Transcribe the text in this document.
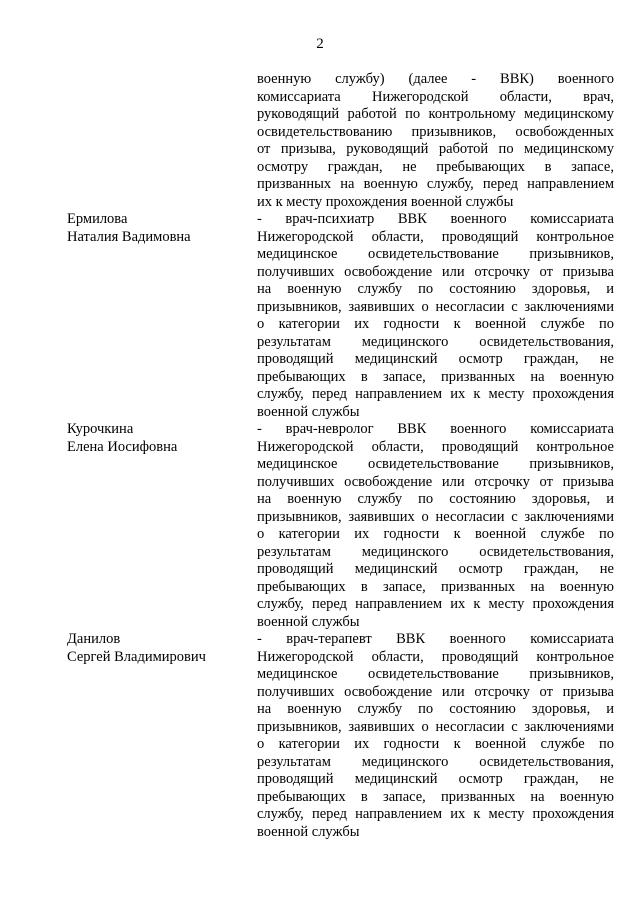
2
военную службу) (далее - ВВК) военного
комиссариата Нижегородской области, врач,
руководящий работой по контрольному медицинскому
освидетельствованию призывников, освобожденных
от призыва, руководящий работой по медицинскому
осмотру граждан, не пребывающих в запасе,
призванных на военную службу, перед направлением
их к месту прохождения военной службы
Ермилова
Наталия Вадимовна
- врач-психиатр ВВК военного комиссариата
Нижегородской области, проводящий контрольное
медицинское освидетельствование призывников,
получивших освобождение или отсрочку от призыва
на военную службу по состоянию здоровья, и
призывников, заявивших о несогласии с заключениями
о категории их годности к военной службе по
результатам медицинского освидетельствования,
проводящий медицинский осмотр граждан, не
пребывающих в запасе, призванных на военную
службу, перед направлением их к месту прохождения
военной службы
Курочкина
Елена Иосифовна
- врач-невролог ВВК военного комиссариата
Нижегородской области, проводящий контрольное
медицинское освидетельствование призывников,
получивших освобождение или отсрочку от призыва
на военную службу по состоянию здоровья, и
призывников, заявивших о несогласии с заключениями
о категории их годности к военной службе по
результатам медицинского освидетельствования,
проводящий медицинский осмотр граждан, не
пребывающих в запасе, призванных на военную
службу, перед направлением их к месту прохождения
военной службы
Данилов
Сергей Владимирович
- врач-терапевт ВВК военного комиссариата
Нижегородской области, проводящий контрольное
медицинское освидетельствование призывников,
получивших освобождение или отсрочку от призыва
на военную службу по состоянию здоровья, и
призывников, заявивших о несогласии с заключениями
о категории их годности к военной службе по
результатам медицинского освидетельствования,
проводящий медицинский осмотр граждан, не
пребывающих в запасе, призванных на военную
службу, перед направлением их к месту прохождения
военной службы
